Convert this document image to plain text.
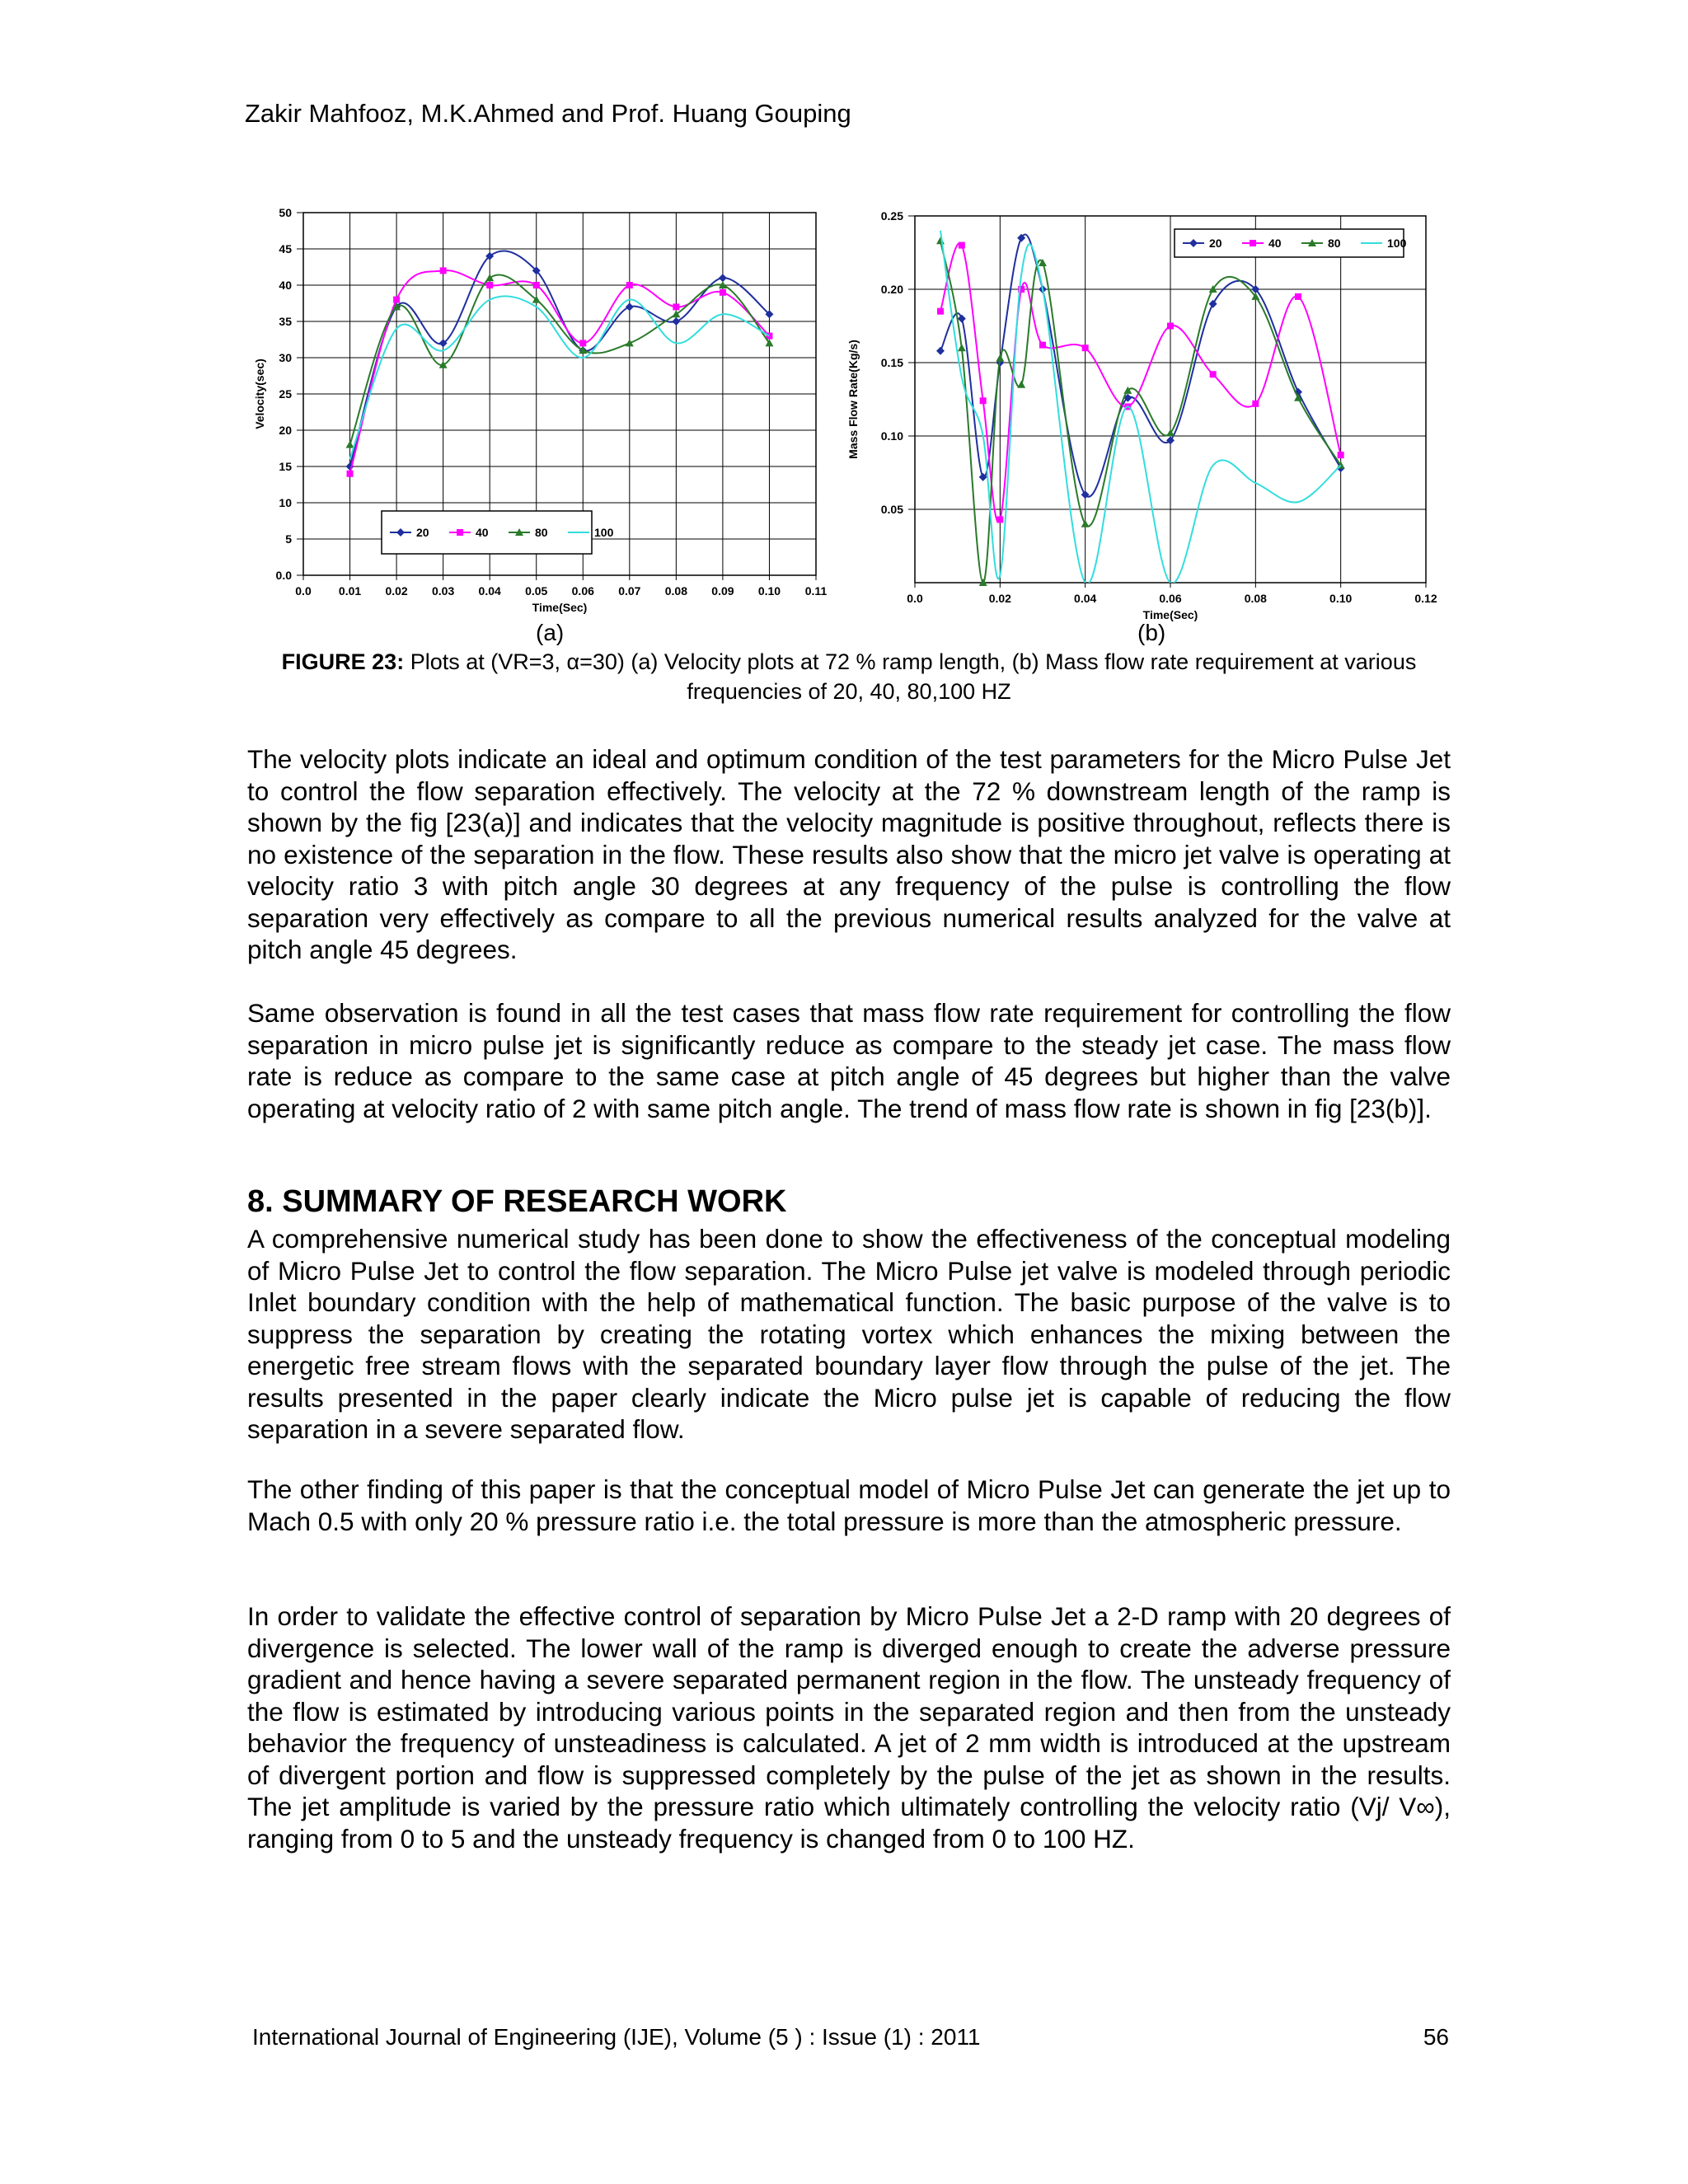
Zakir Mahfooz, M.K.Ahmed and Prof. Huang Gouping
0.0
5
10
15
20
25
30
35
40
45
50
0.0 0.01 0.02 0.03 0.04 0.05 0.06 0.07 0.08 0.09 0.10 0.11
Time(Sec)
Velocity(sec)
20	40	80	100
0.05
0.10
0.15
0.20
0.25
0.0	0.02	0.04	0.06	0.08	0.10	0.12
Time(Sec)
Mass Flow Rate(Kg/s)
20	40	80	100
(a)	(b)
FIGURE 23: Plots at (VR=3, α=30) (a) Velocity plots at 72 % ramp length, (b) Mass flow rate requirement at various frequencies of 20, 40, 80,100 HZ

The velocity plots indicate an ideal and optimum condition of the test parameters for the Micro Pulse Jet to control the flow separation effectively. The velocity at the 72 % downstream length of the ramp is shown by the fig [23(a)] and indicates that the velocity magnitude is positive throughout, reflects there is no existence of the separation in the flow. These results also show that the micro jet valve is operating at velocity ratio 3 with pitch angle 30 degrees at any frequency of the pulse is controlling the flow separation very effectively as compare to all the previous numerical results analyzed for the valve at pitch angle 45 degrees.

Same observation is found in all the test cases that mass flow rate requirement for controlling the flow separation in micro pulse jet is significantly reduce as compare to the steady jet case. The mass flow rate is reduce as compare to the same case at pitch angle of 45 degrees but higher than the valve operating at velocity ratio of 2 with same pitch angle. The trend of mass flow rate is shown in fig [23(b)].

8. SUMMARY OF RESEARCH WORK

A comprehensive numerical study has been done to show the effectiveness of the conceptual modeling of Micro Pulse Jet to control the flow separation. The Micro Pulse jet valve is modeled through periodic Inlet boundary condition with the help of mathematical function. The basic purpose of the valve is to suppress the separation by creating the rotating vortex which enhances the mixing between the energetic free stream flows with the separated boundary layer flow through the pulse of the jet. The results presented in the paper clearly indicate the Micro pulse jet is capable of reducing the flow separation in a severe separated flow.

The other finding of this paper is that the conceptual model of Micro Pulse Jet can generate the jet up to Mach 0.5 with only 20 % pressure ratio i.e. the total pressure is more than the atmospheric pressure.

In order to validate the effective control of separation by Micro Pulse Jet a 2-D ramp with 20 degrees of divergence is selected. The lower wall of the ramp is diverged enough to create the adverse pressure gradient and hence having a severe separated permanent region in the flow. The unsteady frequency of the flow is estimated by introducing various points in the separated region and then from the unsteady behavior the frequency of unsteadiness is calculated. A jet of 2 mm width is introduced at the upstream of divergent portion and flow is suppressed completely by the pulse of the jet as shown in the results. The jet amplitude is varied by the pressure ratio which ultimately controlling the velocity ratio (Vj/ V∞), ranging from 0 to 5 and the unsteady frequency is changed from 0 to 100 HZ.

International Journal of Engineering (IJE), Volume (5 ) : Issue (1) : 2011	56
